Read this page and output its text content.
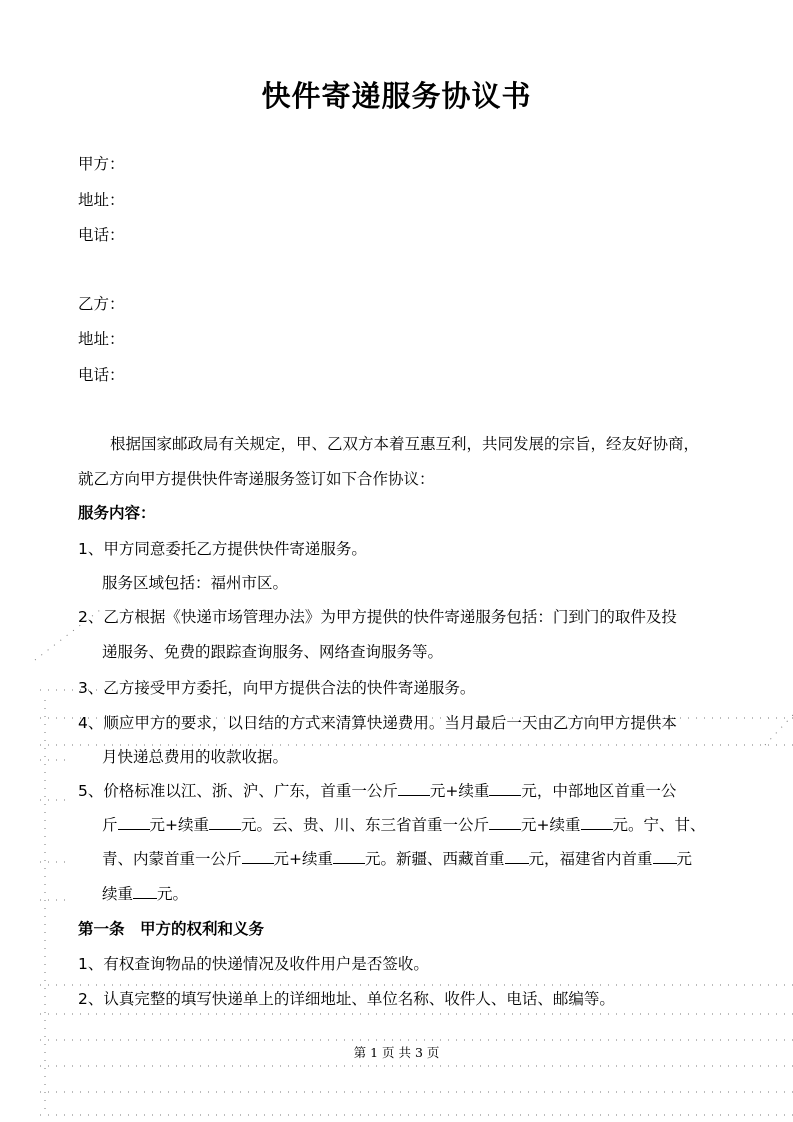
快件寄递服务协议书
甲方：
地址：
电话：
乙方：
地址：
电话：
根据国家邮政局有关规定，甲、乙双方本着互惠互利，共同发展的宗旨，经友好协商，
就乙方向甲方提供快件寄递服务签订如下合作协议：
服务内容：
1、甲方同意委托乙方提供快件寄递服务。
服务区域包括：福州市区。
2、乙方根据《快递市场管理办法》为甲方提供的快件寄递服务包括：门到门的取件及投
递服务、免费的跟踪查询服务、网络查询服务等。
3、乙方接受甲方委托，向甲方提供合法的快件寄递服务。
4、顺应甲方的要求，以日结的方式来清算快递费用。当月最后一天由乙方向甲方提供本
月快递总费用的收款收据。
5、价格标准以江、浙、沪、广东，首重一公斤 元+续重 元，中部地区首重一公
斤 元+续重 元。云、贵、川、东三省首重一公斤 元+续重 元。宁、甘、
青、内蒙首重一公斤 元+续重 元。新疆、西藏首重 元，福建省内首重 元
续重 元。
第一条　甲方的权利和义务
1、有权查询物品的快递情况及收件用户是否签收。
2、认真完整的填写快递单上的详细地址、单位名称、收件人、电话、邮编等。
第 1 页 共 3 页
